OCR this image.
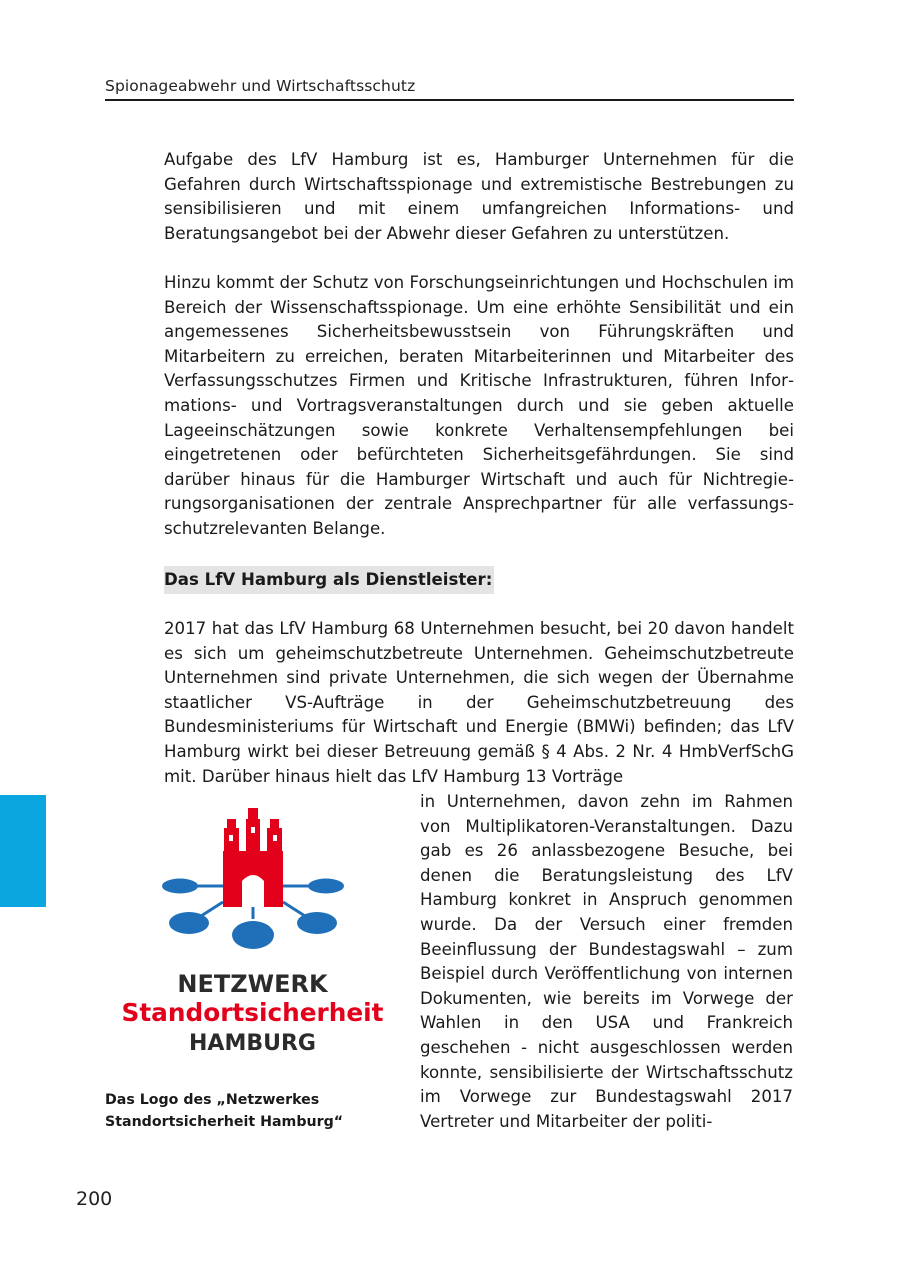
Spionageabwehr und Wirtschaftsschutz

Aufgabe des LfV Hamburg ist es, Hamburger Unternehmen für die Gefahren durch Wirtschaftsspionage und extremistische Bestrebungen zu sensibilisieren und mit einem umfangreichen Informations- und Beratungsangebot bei der Abwehr dieser Gefahren zu unterstützen.

Hinzu kommt der Schutz von Forschungseinrichtungen und Hochschulen im Bereich der Wissenschaftsspionage. Um eine erhöhte Sensibilität und ein angemessenes Sicherheitsbewusstsein von Führungskräften und Mitarbeitern zu erreichen, beraten Mitarbeiterinnen und Mitarbeiter des Verfassungsschutzes Firmen und Kritische Infrastrukturen, führen Informations- und Vortragsveranstaltungen durch und sie geben aktuelle Lageeinschätzungen sowie konkrete Verhaltensempfehlungen bei eingetretenen oder befürchteten Sicherheitsgefährdungen. Sie sind darüber hinaus für die Hamburger Wirtschaft und auch für Nichtregierungsorganisationen der zentrale Ansprechpartner für alle verfassungsschutzrelevanten Belange.

Das LfV Hamburg als Dienstleister:

2017 hat das LfV Hamburg 68 Unternehmen besucht, bei 20 davon handelt es sich um geheimschutzbetreute Unternehmen. Geheimschutzbetreute Unternehmen sind private Unternehmen, die sich wegen der Übernahme staatlicher VS-Aufträge in der Geheimschutzbetreuung des Bundesministeriums für Wirtschaft und Energie (BMWi) befinden; das LfV Hamburg wirkt bei dieser Betreuung gemäß § 4 Abs. 2 Nr. 4 HmbVerfSchG mit. Darüber hinaus hielt das LfV Hamburg 13 Vorträge

in Unternehmen, davon zehn im Rahmen von Multiplikatoren-Veranstaltungen. Dazu gab es 26 anlassbezogene Besuche, bei denen die Beratungsleistung des LfV Hamburg konkret in Anspruch genommen wurde. Da der Versuch einer fremden Beeinflussung der Bundestagswahl – zum Beispiel durch Veröffentlichung von internen Dokumenten, wie bereits im Vorwege der Wahlen in den USA und Frankreich geschehen - nicht ausgeschlossen werden konnte, sensibilisierte der Wirtschaftsschutz im Vorwege zur Bundestagswahl 2017 Vertreter und Mitarbeiter der politi-

NETZWERK
Standortsicherheit
HAMBURG
Das Logo des „Netzwerkes Standortsicherheit Hamburg“
200
